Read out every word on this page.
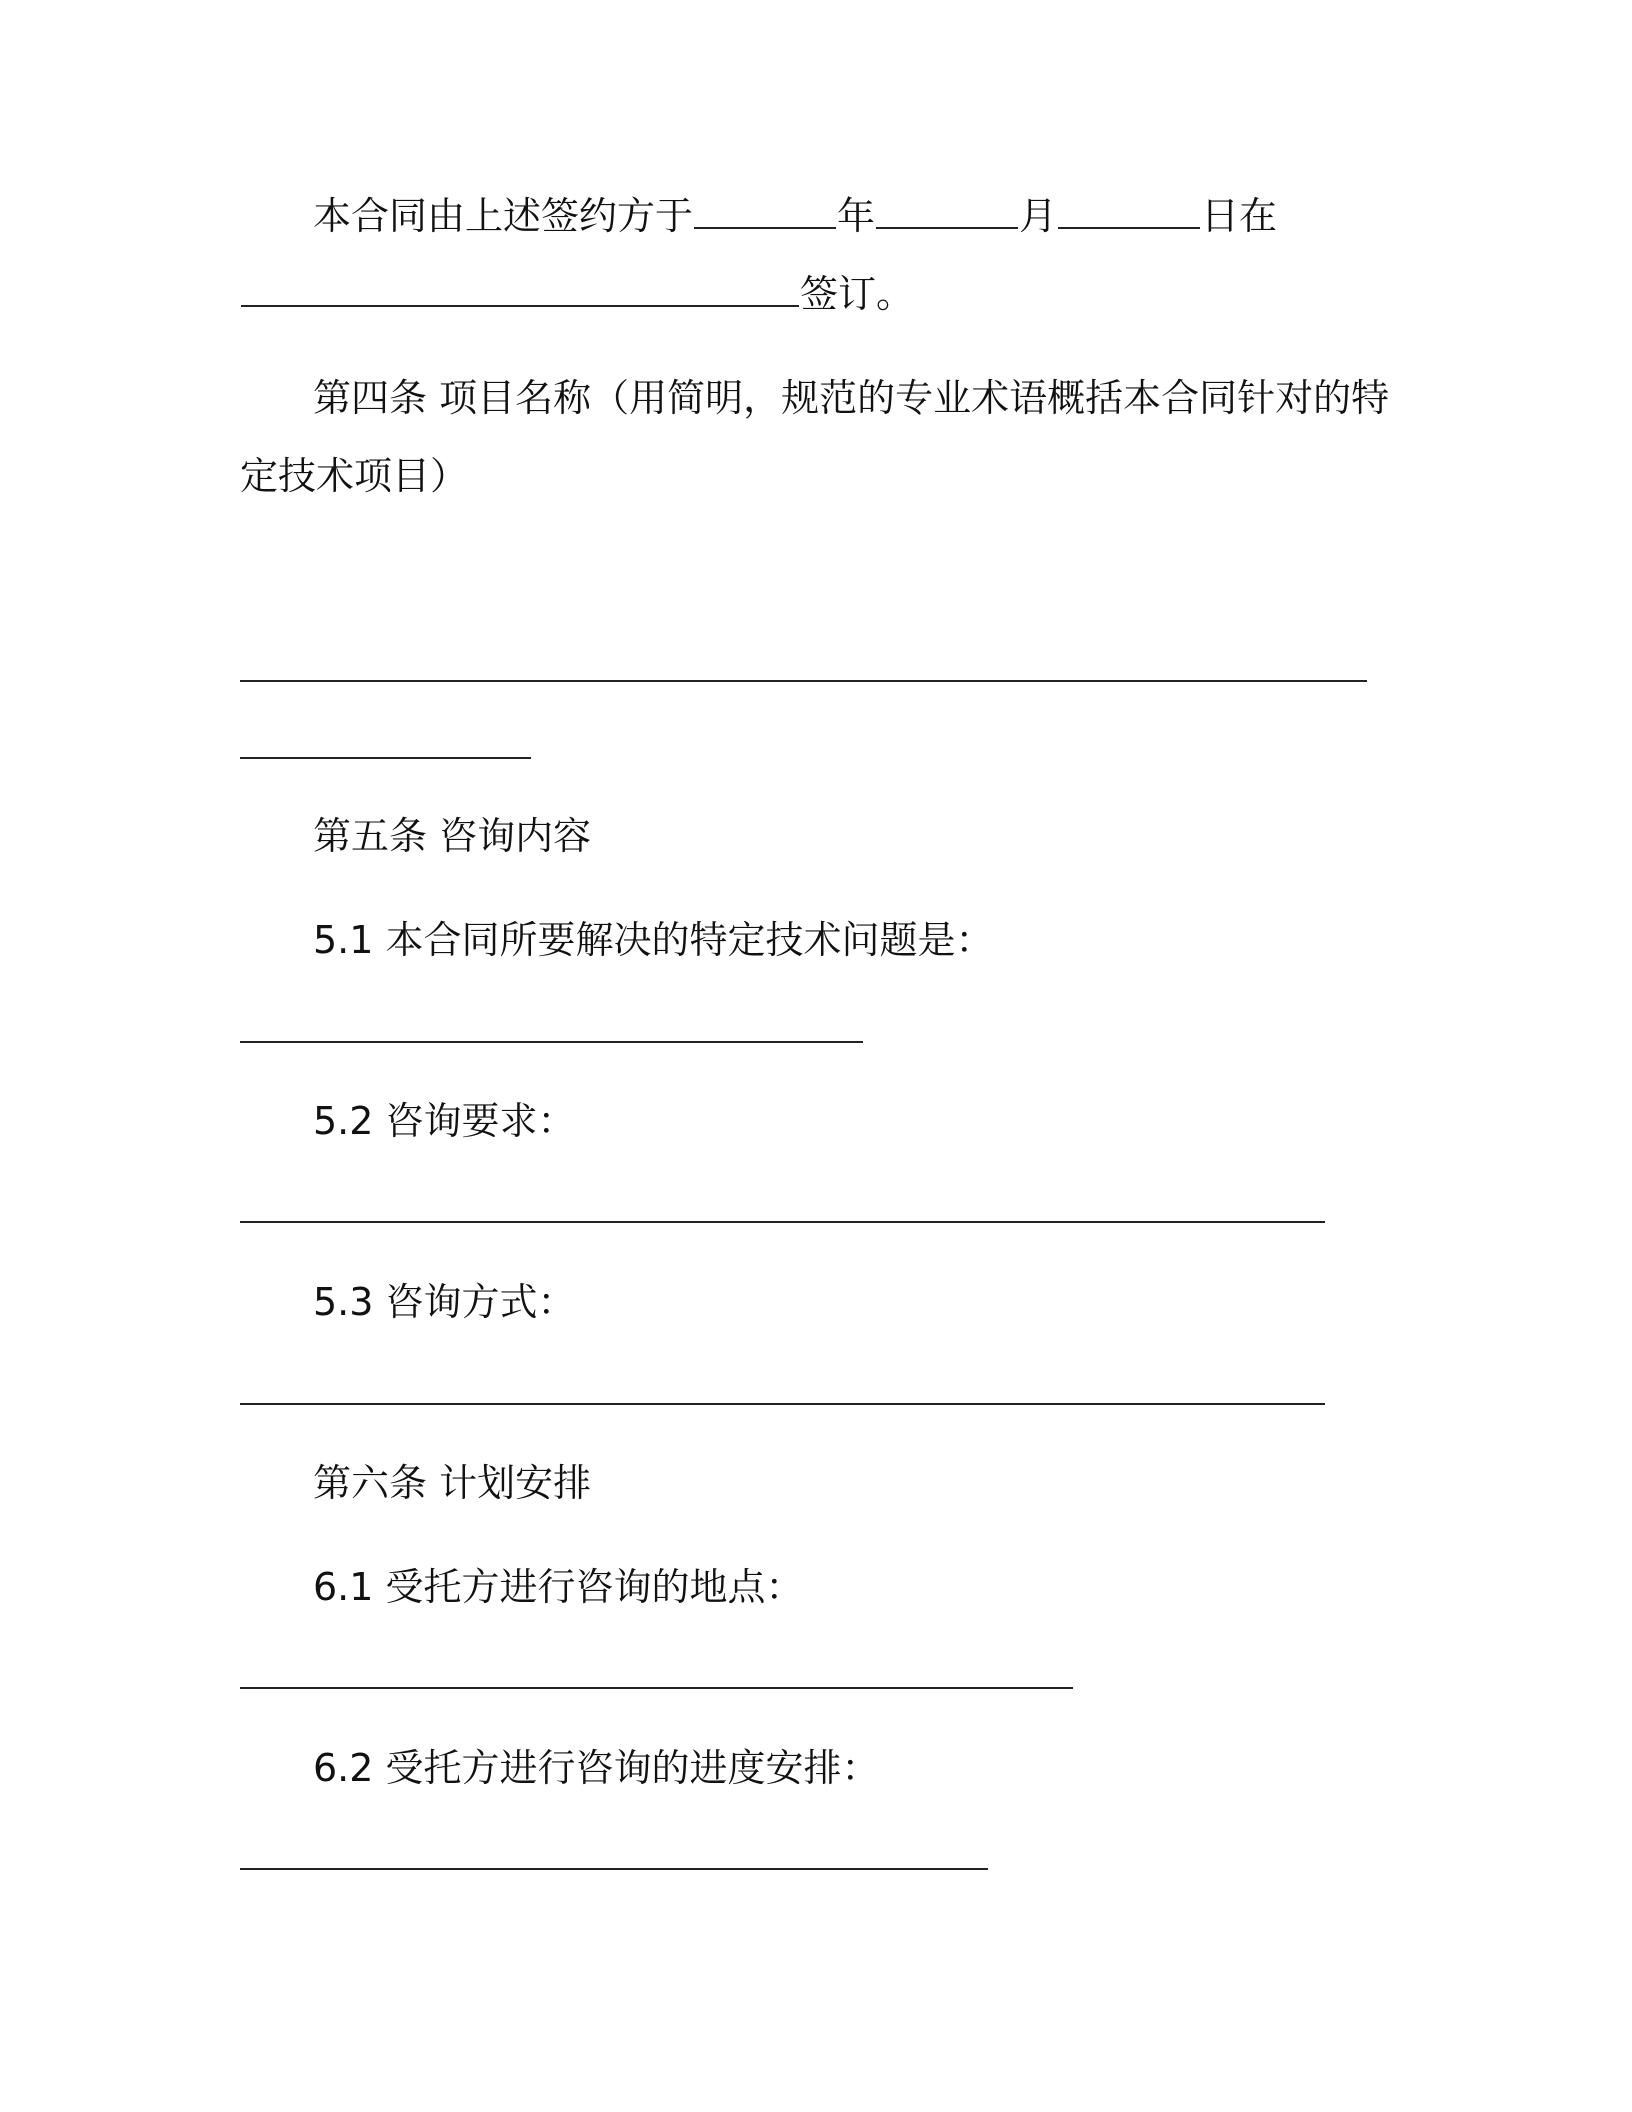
本合同由上述签约方于	年	月	日在
签订。
第四条 项目名称（用简明，规范的专业术语概括本合同针对的特
定技术项目）
第五条 咨询内容
5.1 本合同所要解决的特定技术问题是：
5.2 咨询要求：
5.3 咨询方式：
第六条 计划安排
6.1 受托方进行咨询的地点：
6.2 受托方进行咨询的进度安排：
